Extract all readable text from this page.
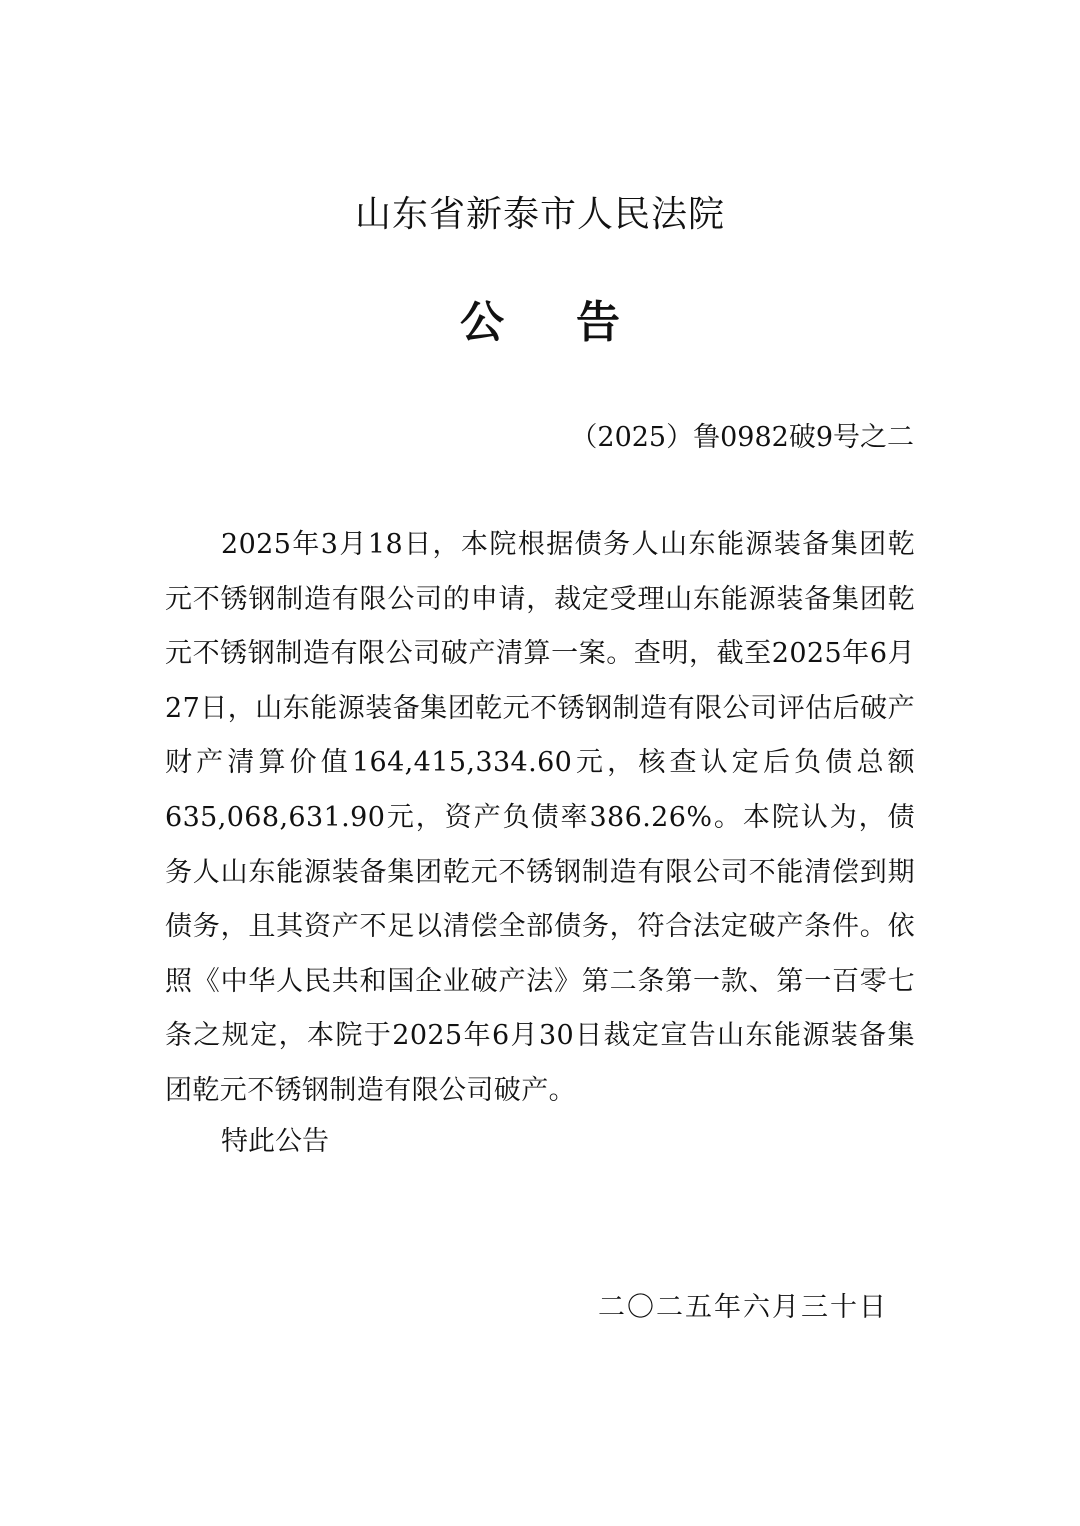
山东省新泰市人民法院
公告
（2025）鲁0982破9号之二

2025年3月18日，本院根据债务人山东能源装备集团乾元不锈钢制造有限公司的申请，裁定受理山东能源装备集团乾元不锈钢制造有限公司破产清算一案。查明，截至2025年6月27日，山东能源装备集团乾元不锈钢制造有限公司评估后破产财产清算价值164,415,334.60元，核查认定后负债总额635,068,631.90元，资产负债率386.26%。本院认为，债务人山东能源装备集团乾元不锈钢制造有限公司不能清偿到期债务，且其资产不足以清偿全部债务，符合法定破产条件。依照《中华人民共和国企业破产法》第二条第一款、第一百零七条之规定，本院于2025年6月30日裁定宣告山东能源装备集团乾元不锈钢制造有限公司破产。

特此公告
二〇二五年六月三十日
